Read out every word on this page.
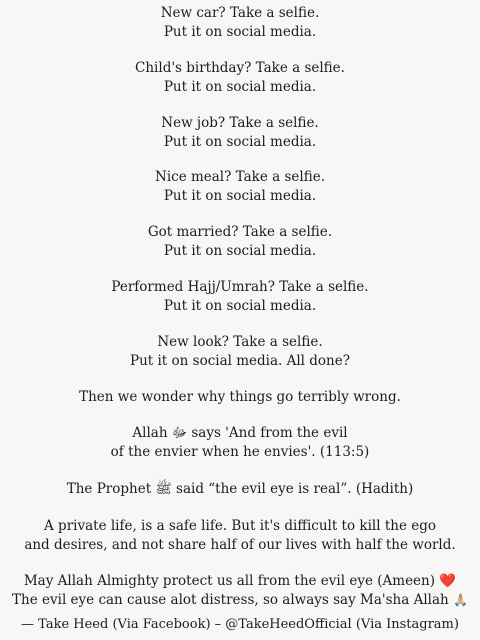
New car? Take a selfie.
Put it on social media.
Child's birthday? Take a selfie.
Put it on social media.
New job? Take a selfie.
Put it on social media.
Nice meal? Take a selfie.
Put it on social media.
Got married? Take a selfie.
Put it on social media.
Performed Hajj/Umrah? Take a selfie.
Put it on social media.
New look? Take a selfie.
Put it on social media. All done?
Then we wonder why things go terribly wrong.
Allah ﷻ says 'And from the evil
of the envier when he envies'. (113:5)
The Prophet ﷺ said “the evil eye is real”. (Hadith)
A private life, is a safe life. But it's difficult to kill the ego
and desires, and not share half of our lives with half the world.
May Allah Almighty protect us all from the evil eye (Ameen) ❤️
The evil eye can cause alot distress, so always say Ma'sha Allah 🙏🏼
— Take Heed (Via Facebook) – @TakeHeedOfficial (Via Instagram)
